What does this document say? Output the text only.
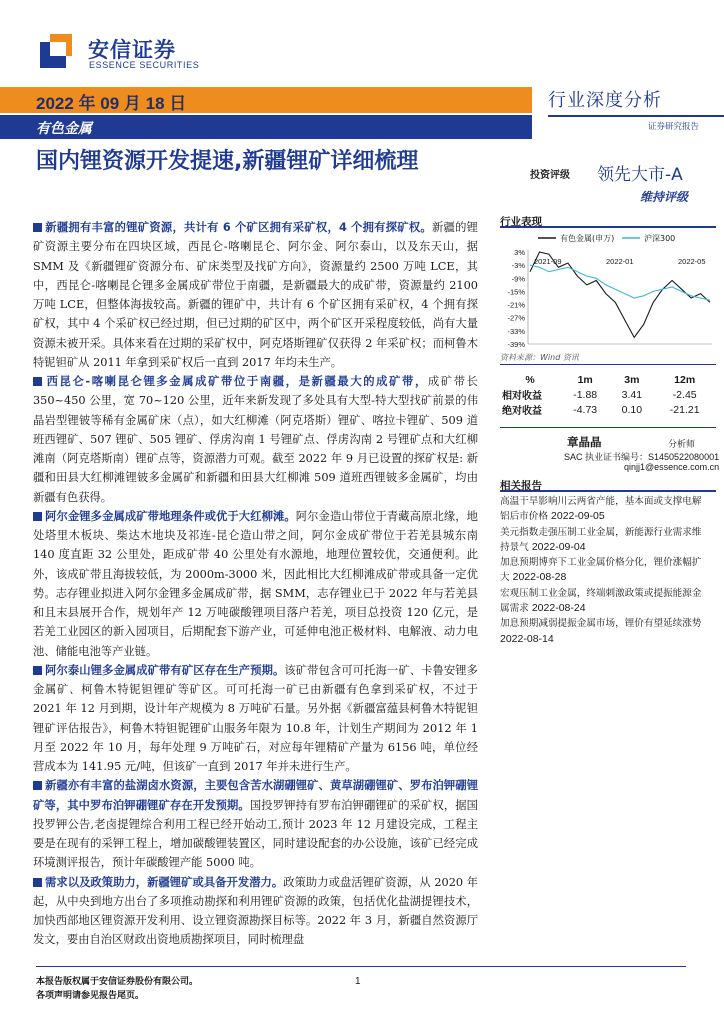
安信证券
ESSENCE SECURITIES
2022 年 09 月 18 日
有色金属
行业深度分析
证券研究报告
国内锂资源开发提速,新疆锂矿详细梳理
投资评级 领先大市-A
维持评级

新疆拥有丰富的锂矿资源，共计有 6 个矿区拥有采矿权，4 个拥有探矿权。新疆的锂矿资源主要分布在四块区域，西昆仑-喀喇昆仑、阿尔金、阿尔泰山，以及东天山，据 SMM 及《新疆锂矿资源分布、矿床类型及找矿方向》，资源量约 2500 万吨 LCE，其中，西昆仑-喀喇昆仑锂多金属成矿带位于南疆，是新疆最大的成矿带，资源量约 2100 万吨 LCE，但整体海拔较高。新疆的锂矿中，共计有 6 个矿区拥有采矿权，4 个拥有探矿权，其中 4 个采矿权已经过期，但已过期的矿区中，两个矿区开采程度较低，尚有大量资源未被开采。具体来看在过期的采矿权中，阿克塔斯锂矿仅获得 2 年采矿权；而柯鲁木特铌钽矿从 2011 年拿到采矿权后一直到 2017 年均未生产。

西昆仑-喀喇昆仑锂多金属成矿带位于南疆，是新疆最大的成矿带，成矿带长 350~450 公里，宽 70~120 公里，近年来新发现了多处具有大型-特大型找矿前景的伟晶岩型锂铍等稀有金属矿床（点），如大红柳滩（阿克塔斯）锂矿、喀拉卡锂矿、509 道班西锂矿、507 锂矿、505 锂矿、俘虏沟南 1 号锂矿点、俘虏沟南 2 号锂矿点和大红柳滩南（阿克塔斯南）锂矿点等，资源潜力可观。截至 2022 年 9 月已设置的探矿权是: 新疆和田县大红柳滩锂铍多金属矿和新疆和田县大红柳滩 509 道班西锂铍多金属矿，均由新疆有色获得。

阿尔金锂多金属成矿带地理条件或优于大红柳滩。阿尔金造山带位于青藏高原北缘，地处塔里木板块、柴达木地块及祁连-昆仑造山带之间，阿尔金成矿带位于若羌县城东南 140 度直距 32 公里处，距成矿带 40 公里处有水源地，地理位置较优，交通便利。此外，该成矿带且海拔较低，为 2000m-3000 米，因此相比大红柳滩成矿带或具备一定优势。志存锂业拟进入阿尔金锂多金属成矿带，据 SMM，志存锂业已于 2022 年与若羌县和且末县展开合作，规划年产 12 万吨碳酸锂项目落户若羌，项目总投资 120 亿元，是若羌工业园区的新入园项目，后期配套下游产业，可延伸电池正极材料、电解液、动力电池、储能电池等产业链。

阿尔泰山锂多金属成矿带有矿区存在生产预期。该矿带包含可可托海一矿、卡鲁安锂多金属矿、柯鲁木特铌钽锂矿等矿区。可可托海一矿已由新疆有色拿到采矿权，不过于 2021 年 12 月到期，设计年产规模为 8 万吨矿石量。另外据《新疆富蕴县柯鲁木特铌钽锂矿评估报告》，柯鲁木特钽铌锂矿山服务年限为 10.8 年，计划生产期间为 2012 年 1 月至 2022 年 10 月，每年处理 9 万吨矿石，对应每年锂精矿产量为 6156 吨，单位经营成本为 141.95 元/吨，但该矿一直到 2017 年并未进行生产。

新疆亦有丰富的盐湖卤水资源，主要包含苦水湖硼锂矿、黄草湖硼锂矿、罗布泊钾硼锂矿等，其中罗布泊钾硼锂矿存在开发预期。国投罗钾持有罗布泊钾硼锂矿的采矿权，据国投罗钾公告,老卤提锂综合利用工程已经开始动工,预计 2023 年 12 月建设完成，工程主要是在现有的采钾工程上，增加碳酸锂装置区，同时建设配套的办公设施，该矿已经完成环境测评报告，预计年碳酸锂产能 5000 吨。

需求以及政策助力，新疆锂矿或具备开发潜力。政策助力或盘活锂矿资源，从 2020 年起，从中央到地方出台了多项推动勘探和利用锂矿资源的政策，包括优化盐湖提锂技术，加快西部地区锂资源开发利用、设立锂资源勘探目标等。2022 年 3 月，新疆自然资源厅发文，要由自治区财政出资地质勘探项目，同时梳理盘

行业表现
有色金属(申万)	沪深300
3%
-3%
-9%
-15%
-21%
-27%
-33%
-39%
2021-09	2022-01	2022-05
资料来源：Wind 资讯
%	1m	3m	12m
相对收益	-1.88	3.41	-2.45
绝对收益	-4.73	0.10	-21.21
章晶晶	分析师
SAC 执业证书编号：S1450522080001
qinjj1@essence.com.cn
相关报告
高温干旱影响川云两省产能，基本面或支撑电解铝后市价格 2022-09-05
美元指数走强压制工业金属，新能源行业需求维持景气 2022-09-04
加息预期博弈下工业金属价格分化，锂价涨幅扩大 2022-08-28
宏观压制工业金属，终端刺激政策或提振能源金属需求 2022-08-24
加息预期减弱提振金属市场，锂价有望延续涨势 2022-08-14
本报告版权属于安信证券股份有限公司。
各项声明请参见报告尾页。
1
